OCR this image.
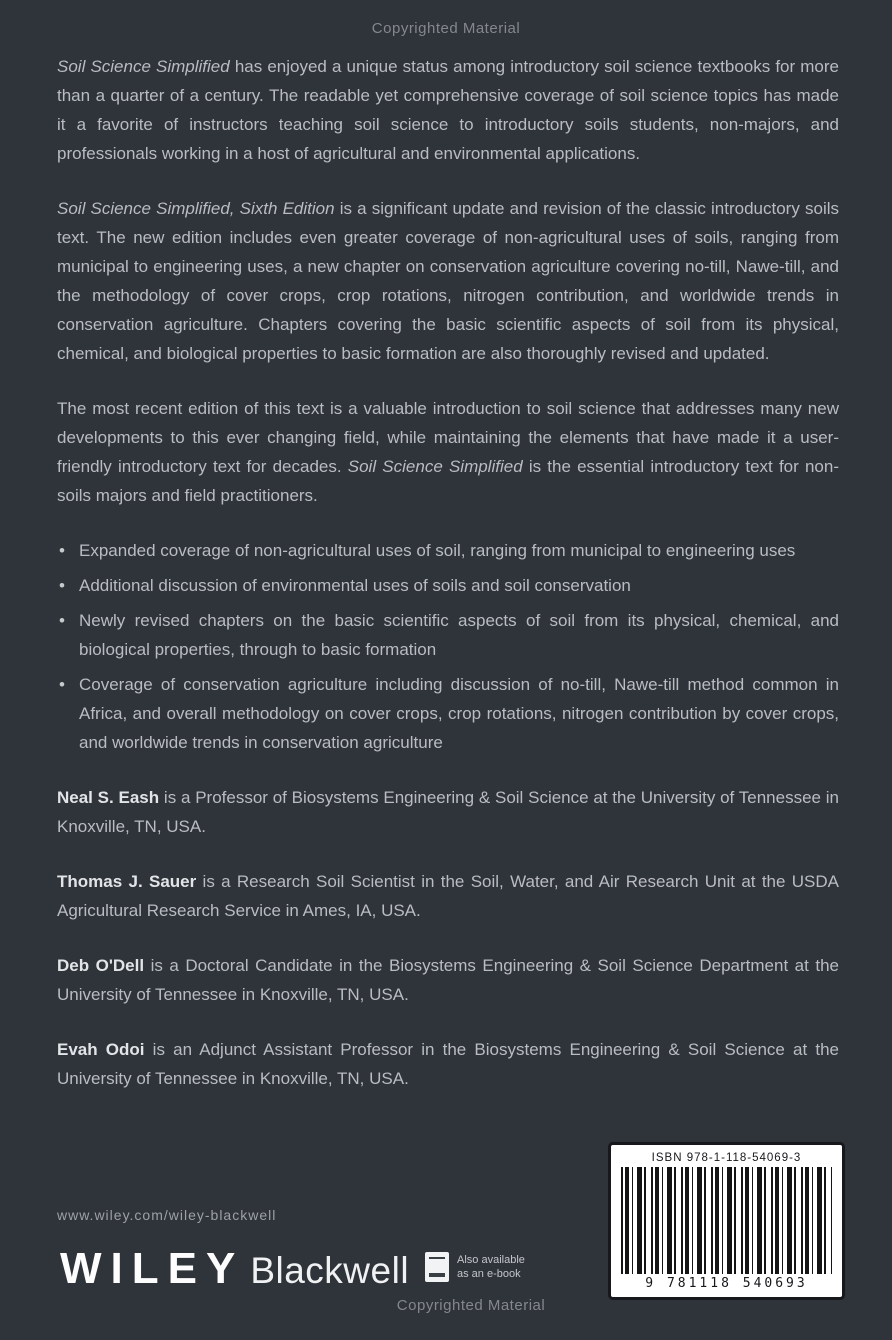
Copyrighted Material

Soil Science Simplified has enjoyed a unique status among introductory soil science textbooks for more than a quarter of a century. The readable yet comprehensive coverage of soil science topics has made it a favorite of instructors teaching soil science to introductory soils students, non-majors, and professionals working in a host of agricultural and environmental applications.

Soil Science Simplified, Sixth Edition is a significant update and revision of the classic introductory soils text. The new edition includes even greater coverage of non-agricultural uses of soils, ranging from municipal to engineering uses, a new chapter on conservation agriculture covering no-till, Nawe-till, and the methodology of cover crops, crop rotations, nitrogen contribution, and worldwide trends in conservation agriculture. Chapters covering the basic scientific aspects of soil from its physical, chemical, and biological properties to basic formation are also thoroughly revised and updated.

The most recent edition of this text is a valuable introduction to soil science that addresses many new developments to this ever changing field, while maintaining the elements that have made it a user-friendly introductory text for decades. Soil Science Simplified is the essential introductory text for non-soils majors and field practitioners.

• Expanded coverage of non-agricultural uses of soil, ranging from municipal to engineering uses
• Additional discussion of environmental uses of soils and soil conservation
• Newly revised chapters on the basic scientific aspects of soil from its physical, chemical, and biological properties, through to basic formation
• Coverage of conservation agriculture including discussion of no-till, Nawe-till method common in Africa, and overall methodology on cover crops, crop rotations, nitrogen contribution by cover crops, and worldwide trends in conservation agriculture

Neal S. Eash is a Professor of Biosystems Engineering & Soil Science at the University of Tennessee in Knoxville, TN, USA.

Thomas J. Sauer is a Research Soil Scientist in the Soil, Water, and Air Research Unit at the USDA Agricultural Research Service in Ames, IA, USA.

Deb O'Dell is a Doctoral Candidate in the Biosystems Engineering & Soil Science Department at the University of Tennessee in Knoxville, TN, USA.

Evah Odoi is an Adjunct Assistant Professor in the Biosystems Engineering & Soil Science at the University of Tennessee in Knoxville, TN, USA.

www.wiley.com/wiley-blackwell
WILEY Blackwell	Also available
as an e-book
Copyrighted Material
ISBN 978-1-118-54069-3
9 781118 540693
